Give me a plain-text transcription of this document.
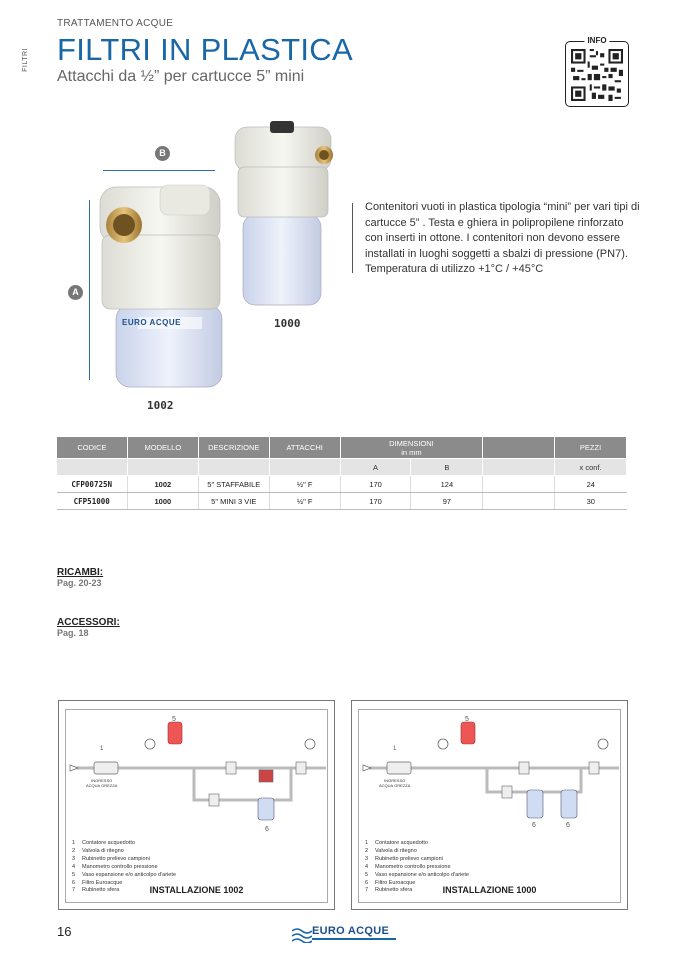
FILTRI
TRATTAMENTO ACQUE
FILTRI IN PLASTICA
Attacchi da ½” per cartucce 5” mini
INFO
EURO ACQUE
A
B
1002
1000
Contenitori vuoti in plastica tipologia “mini” per vari tipi di cartucce 5” . Testa e ghiera in polipropilene rinforzato con inserti in ottone. I contenitori non devono essere installati in luoghi soggetti a sbalzi di pressione (PN7). Temperatura di utilizzo +1°C / +45°C
CODICE	MODELLO	DESCRIZIONE	ATTACCHI	DIMENSIONI
in mm			PEZZI
				A	B		x conf.
CFP00725N	1002	5" STAFFABILE	½" F	170	124		24
CFP51000	1000	5" MINI 3 VIE	½" F	170	97		30
RICAMBI:
Pag. 20-23
ACCESSORI:
Pag. 18
1
5
6
INGRESSO
ACQUA GREZZA
1 Contatore acquedotto
2 Valvola di ritegno
3 Rubinetto prelievo campioni
4 Manometro controllo pressione
5 Vaso espansione e/o anticolpo d'ariete
6 Filtro Euroacque
7 Rubinetto sfera	INSTALLAZIONE 1002
1
5
6	6
INGRESSO
ACQUA GREZZA
1 Contatore acquedotto
2 Valvola di ritegno
3 Rubinetto prelievo campioni
4 Manometro controllo pressione
5 Vaso espansione e/o anticolpo d'ariete
6 Filtro Euroacque
7 Rubinetto sfera	INSTALLAZIONE 1000
16	EURO ACQUE
